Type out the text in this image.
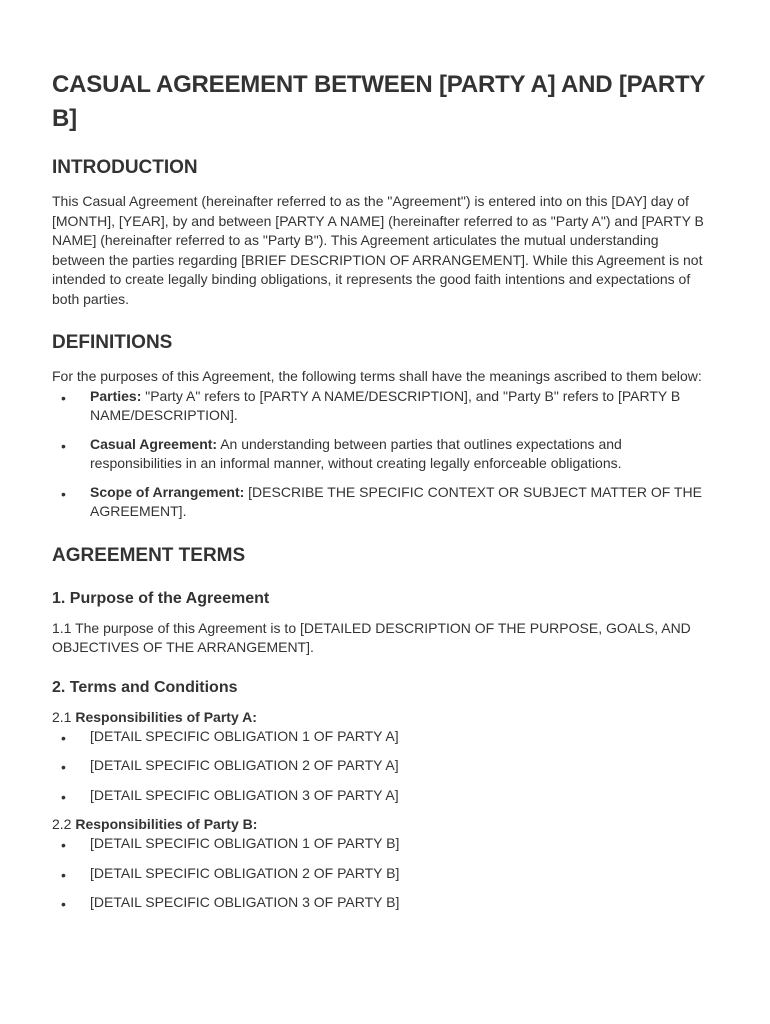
CASUAL AGREEMENT BETWEEN [PARTY A] AND [PARTY B]
INTRODUCTION

This Casual Agreement (hereinafter referred to as the "Agreement") is entered into on this [DAY] day of [MONTH], [YEAR], by and between [PARTY A NAME] (hereinafter referred to as "Party A") and [PARTY B NAME] (hereinafter referred to as "Party B"). This Agreement articulates the mutual understanding between the parties regarding [BRIEF DESCRIPTION OF ARRANGEMENT]. While this Agreement is not intended to create legally binding obligations, it represents the good faith intentions and expectations of both parties.

DEFINITIONS

For the purposes of this Agreement, the following terms shall have the meanings ascribed to them below:

• Parties: "Party A" refers to [PARTY A NAME/DESCRIPTION], and "Party B" refers to [PARTY B NAME/DESCRIPTION].
• Casual Agreement: An understanding between parties that outlines expectations and responsibilities in an informal manner, without creating legally enforceable obligations.
• Scope of Arrangement: [DESCRIBE THE SPECIFIC CONTEXT OR SUBJECT MATTER OF THE AGREEMENT].
AGREEMENT TERMS
1. Purpose of the Agreement

1.1 The purpose of this Agreement is to [DETAILED DESCRIPTION OF THE PURPOSE, GOALS, AND OBJECTIVES OF THE ARRANGEMENT].

2. Terms and Conditions

2.1 Responsibilities of Party A:

• [DETAIL SPECIFIC OBLIGATION 1 OF PARTY A]
• [DETAIL SPECIFIC OBLIGATION 2 OF PARTY A]
• [DETAIL SPECIFIC OBLIGATION 3 OF PARTY A]

2.2 Responsibilities of Party B:

• [DETAIL SPECIFIC OBLIGATION 1 OF PARTY B]
• [DETAIL SPECIFIC OBLIGATION 2 OF PARTY B]
• [DETAIL SPECIFIC OBLIGATION 3 OF PARTY B]
